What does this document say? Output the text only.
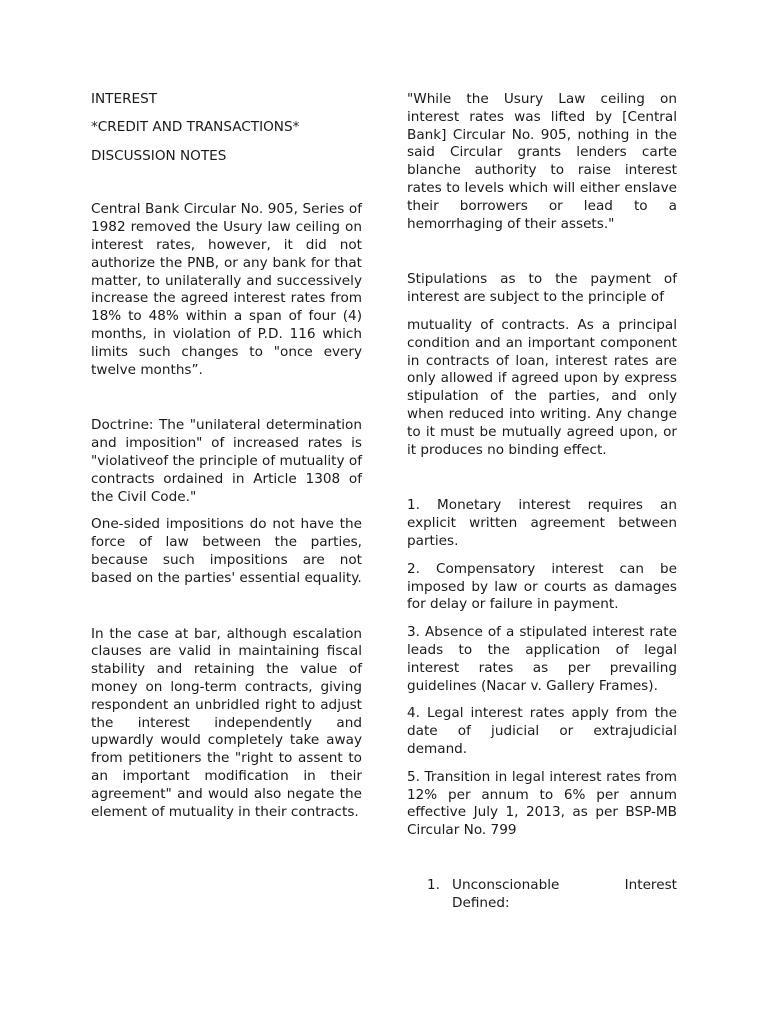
INTEREST

*CREDIT AND TRANSACTIONS*

DISCUSSION NOTES

Central Bank Circular No. 905, Series of 1982 removed the Usury law ceiling on interest rates, however, it did not authorize the PNB, or any bank for that matter, to unilaterally and successively increase the agreed interest rates from 18% to 48% within a span of four (4) months, in violation of P.D. 116 which limits such changes to "once every twelve months”.

Doctrine: The "unilateral determination and imposition" of increased rates is "violativeof the principle of mutuality of contracts ordained in Article 1308 of the Civil Code."

One-sided impositions do not have the force of law between the parties, because such impositions are not based on the parties' essential equality.

In the case at bar, although escalation clauses are valid in maintaining fiscal stability and retaining the value of money on long-term contracts, giving respondent an unbridled right to adjust the interest independently and upwardly would completely take away from petitioners the "right to assent to an important modification in their agreement" and would also negate the element of mutuality in their contracts.

"While the Usury Law ceiling on interest rates was lifted by [Central Bank] Circular No. 905, nothing in the said Circular grants lenders carte blanche authority to raise interest rates to levels which will either enslave their borrowers or lead to a hemorrhaging of their assets."

Stipulations as to the payment of interest are subject to the principle of

mutuality of contracts. As a principal condition and an important component in contracts of loan, interest rates are only allowed if agreed upon by express stipulation of the parties, and only when reduced into writing. Any change to it must be mutually agreed upon, or it produces no binding effect.

1. Monetary interest requires an explicit written agreement between parties.

2. Compensatory interest can be imposed by law or courts as damages for delay or failure in payment.

3. Absence of a stipulated interest rate leads to the application of legal interest rates as per prevailing guidelines (Nacar v. Gallery Frames).

4. Legal interest rates apply from the date of judicial or extrajudicial demand.

5. Transition in legal interest rates from 12% per annum to 6% per annum effective July 1, 2013, as per BSP-MB Circular No. 799

1. Unconscionable Interest Defined:
